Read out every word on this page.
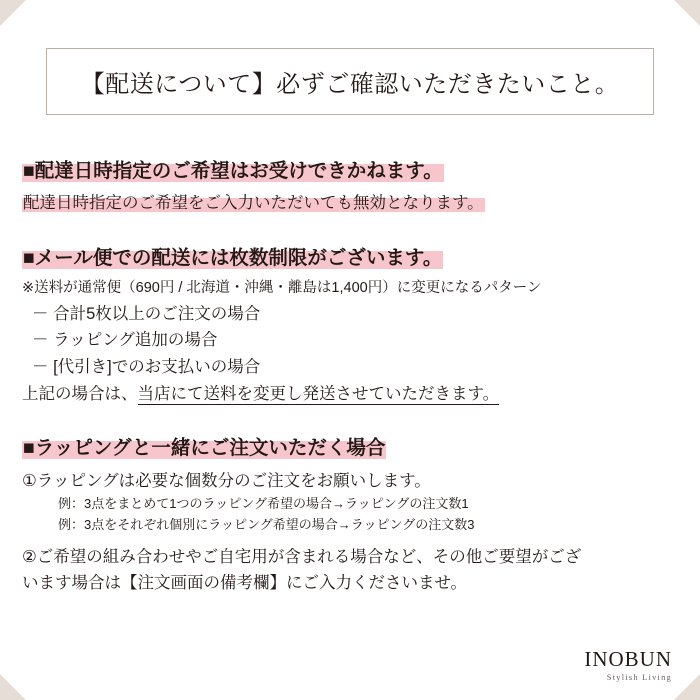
【配送について】必ずご確認いただきたいこと。
■配達日時指定のご希望はお受けできかねます。
配達日時指定のご希望をご入力いただいても無効となります。
■メール便での配送には枚数制限がございます。
※送料が通常便（690円 / 北海道・沖縄・離島は1,400円）に変更になるパターン
－ 合計5枚以上のご注文の場合
－ ラッピング追加の場合
－ [代引き]でのお支払いの場合
上記の場合は、当店にて送料を変更し発送させていただきます。
■ラッピングと一緒にご注文いただく場合
①ラッピングは必要な個数分のご注文をお願いします。
例：3点をまとめて1つのラッピング希望の場合→ラッピングの注文数1
例：3点をそれぞれ個別にラッピング希望の場合→ラッピングの注文数3
②ご希望の組み合わせやご自宅用が含まれる場合など、その他ご要望がござ
います場合は【注文画面の備考欄】にご入力くださいませ。
INOBUN
Stylish Living
